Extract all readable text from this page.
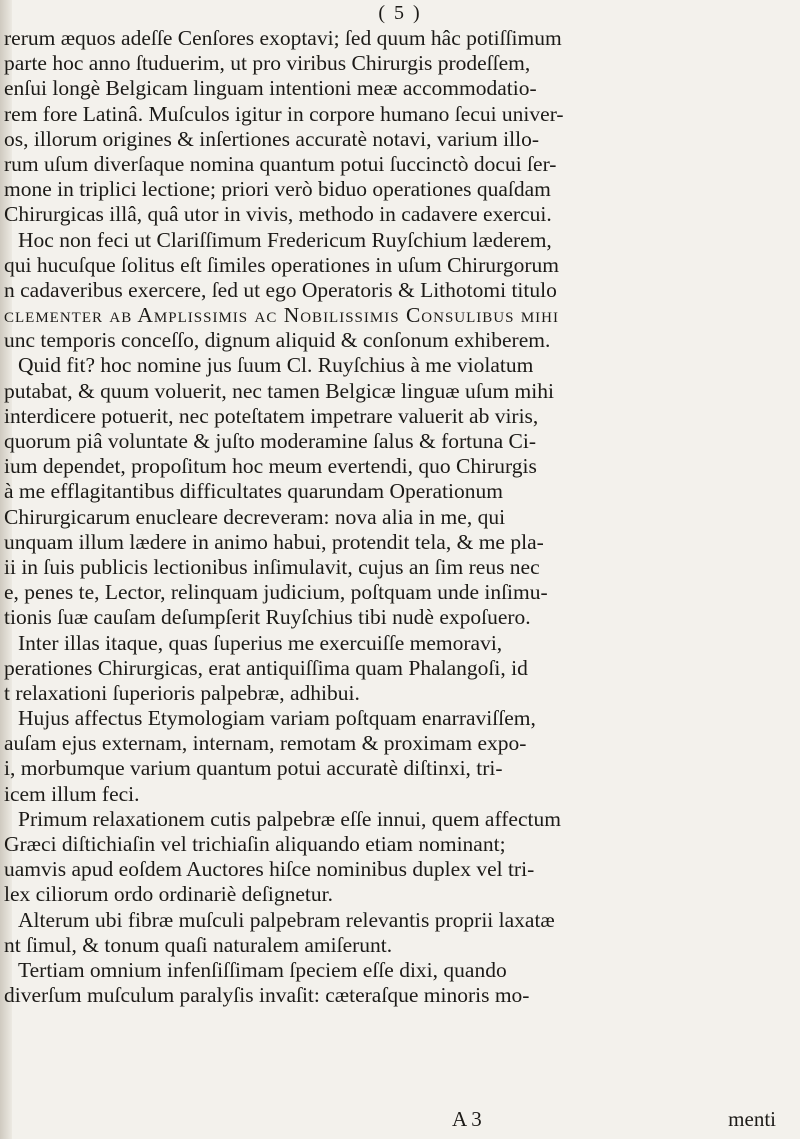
( 5 )
rerum æquos adeſſe Cenſores exoptavi; ſed quum hâc potiſſimum
parte hoc anno ſtuduerim, ut pro viribus Chirurgis prodeſſem,
enſui longè Belgicam linguam intentioni meæ accommodatio-
rem fore Latinâ. Muſculos igitur in corpore humano ſecui univer-
os, illorum origines & inſertiones accuratè notavi, varium illo-
rum uſum diverſaque nomina quantum potui ſuccinctò docui ſer-
mone in triplici lectione; priori verò biduo operationes quaſdam
Chirurgicas illâ, quâ utor in vivis, methodo in cadavere exercui.
Hoc non feci ut Clariſſimum Fredericum Ruyſchium læderem,
qui hucuſque ſolitus eſt ſimiles operationes in uſum Chirurgorum
n cadaveribus exercere, ſed ut ego Operatoris & Lithotomi titulo
clementer ab Amplissimis ac Nobilissimis Consulibus mihi
unc temporis conceſſo, dignum aliquid & conſonum exhiberem.
Quid fit? hoc nomine jus ſuum Cl. Ruyſchius à me violatum
putabat, & quum voluerit, nec tamen Belgicæ linguæ uſum mihi
interdicere potuerit, nec poteſtatem impetrare valuerit ab viris,
quorum piâ voluntate & juſto moderamine ſalus & fortuna Ci-
ium dependet, propoſitum hoc meum evertendi, quo Chirurgis
à me efflagitantibus difficultates quarundam Operationum
Chirurgicarum enucleare decreveram: nova alia in me, qui
unquam illum lædere in animo habui, protendit tela, & me pla-
ii in ſuis publicis lectionibus inſimulavit, cujus an ſim reus nec
e, penes te, Lector, relinquam judicium, poſtquam unde inſimu-
tionis ſuæ cauſam deſumpſerit Ruyſchius tibi nudè expoſuero.
Inter illas itaque, quas ſuperius me exercuiſſe memoravi,
perationes Chirurgicas, erat antiquiſſima quam Phalangoſi, id
t relaxationi ſuperioris palpebræ, adhibui.
Hujus affectus Etymologiam variam poſtquam enarraviſſem,
auſam ejus externam, internam, remotam & proximam expo-
i, morbumque varium quantum potui accuratè diſtinxi, tri-
icem illum feci.
Primum relaxationem cutis palpebræ eſſe innui, quem affectum
Græci diſtichiaſin vel trichiaſin aliquando etiam nominant;
uamvis apud eoſdem Auctores hiſce nominibus duplex vel tri-
lex ciliorum ordo ordinariè deſignetur.
Alterum ubi fibræ muſculi palpebram relevantis proprii laxatæ
nt ſimul, & tonum quaſi naturalem amiſerunt.
Tertiam omnium infenſiſſimam ſpeciem eſſe dixi, quando
diverſum muſculum paralyſis invaſit: cæteraſque minoris mo-
A 3	menti
